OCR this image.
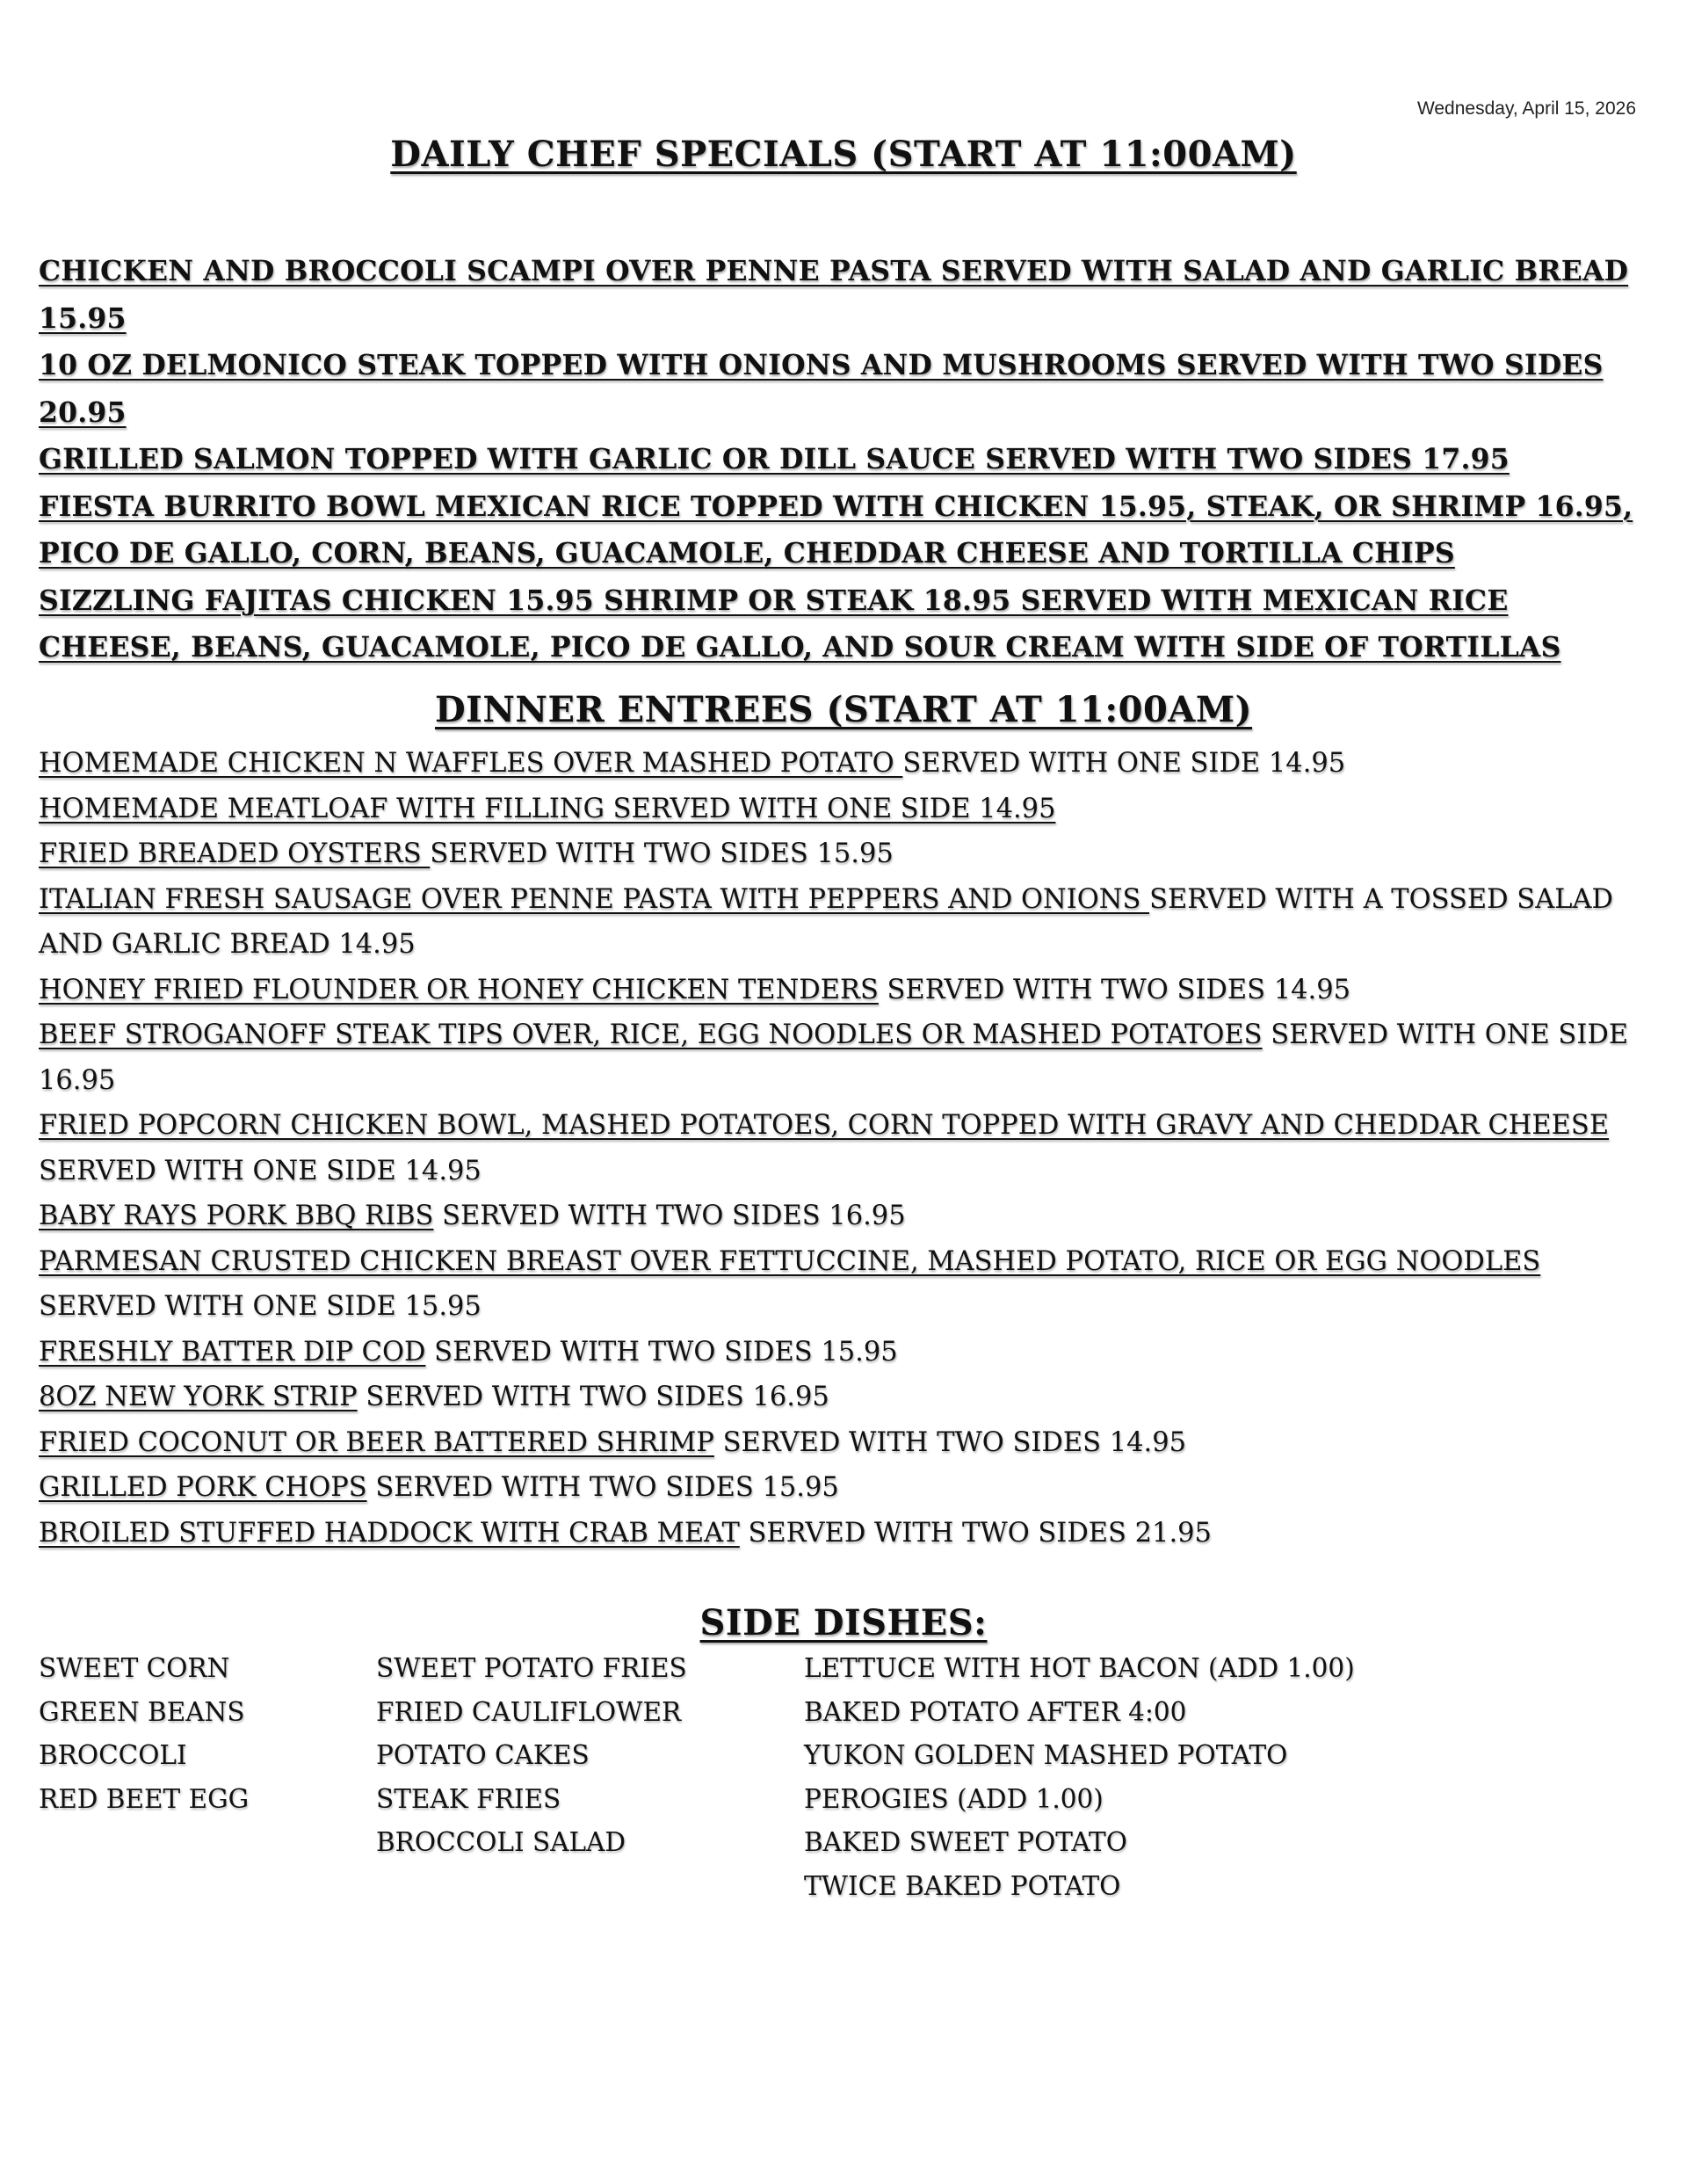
Wednesday, April 15, 2026
DAILY CHEF SPECIALS (START AT 11:00AM)
CHICKEN AND BROCCOLI SCAMPI OVER PENNE PASTA SERVED WITH SALAD AND GARLIC BREAD
15.95
10 OZ DELMONICO STEAK TOPPED WITH ONIONS AND MUSHROOMS SERVED WITH TWO SIDES 20.95
GRILLED SALMON TOPPED WITH GARLIC OR DILL SAUCE SERVED WITH TWO SIDES 17.95
FIESTA BURRITO BOWL MEXICAN RICE TOPPED WITH CHICKEN 15.95, STEAK, OR SHRIMP 16.95,
PICO DE GALLO, CORN, BEANS, GUACAMOLE, CHEDDAR CHEESE AND TORTILLA CHIPS
SIZZLING FAJITAS CHICKEN 15.95 SHRIMP OR STEAK 18.95 SERVED WITH MEXICAN RICE
CHEESE, BEANS, GUACAMOLE, PICO DE GALLO, AND SOUR CREAM WITH SIDE OF TORTILLAS
DINNER ENTREES (START AT 11:00AM)
HOMEMADE CHICKEN N WAFFLES OVER MASHED POTATO SERVED WITH ONE SIDE 14.95
HOMEMADE MEATLOAF WITH FILLING SERVED WITH ONE SIDE 14.95
FRIED BREADED OYSTERS SERVED WITH TWO SIDES 15.95
ITALIAN FRESH SAUSAGE OVER PENNE PASTA WITH PEPPERS AND ONIONS SERVED WITH A TOSSED SALAD AND GARLIC BREAD 14.95
HONEY FRIED FLOUNDER OR HONEY CHICKEN TENDERS SERVED WITH TWO SIDES 14.95
BEEF STROGANOFF STEAK TIPS OVER, RICE, EGG NOODLES OR MASHED POTATOES SERVED WITH ONE SIDE 16.95
FRIED POPCORN CHICKEN BOWL, MASHED POTATOES, CORN TOPPED WITH GRAVY AND CHEDDAR CHEESE SERVED WITH ONE SIDE 14.95
BABY RAYS PORK BBQ RIBS SERVED WITH TWO SIDES 16.95
PARMESAN CRUSTED CHICKEN BREAST OVER FETTUCCINE, MASHED POTATO, RICE OR EGG NOODLES SERVED WITH ONE SIDE 15.95
FRESHLY BATTER DIP COD SERVED WITH TWO SIDES 15.95
8OZ NEW YORK STRIP SERVED WITH TWO SIDES 16.95
FRIED COCONUT OR BEER BATTERED SHRIMP SERVED WITH TWO SIDES 14.95
GRILLED PORK CHOPS SERVED WITH TWO SIDES 15.95
BROILED STUFFED HADDOCK WITH CRAB MEAT SERVED WITH TWO SIDES 21.95
SIDE DISHES:
SWEET CORN
GREEN BEANS
BROCCOLI
RED BEET EGG
SWEET POTATO FRIES
FRIED CAULIFLOWER
POTATO CAKES
STEAK FRIES
BROCCOLI SALAD
LETTUCE WITH HOT BACON (ADD 1.00)
BAKED POTATO AFTER 4:00
YUKON GOLDEN MASHED POTATO
PEROGIES (ADD 1.00)
BAKED SWEET POTATO
TWICE BAKED POTATO
